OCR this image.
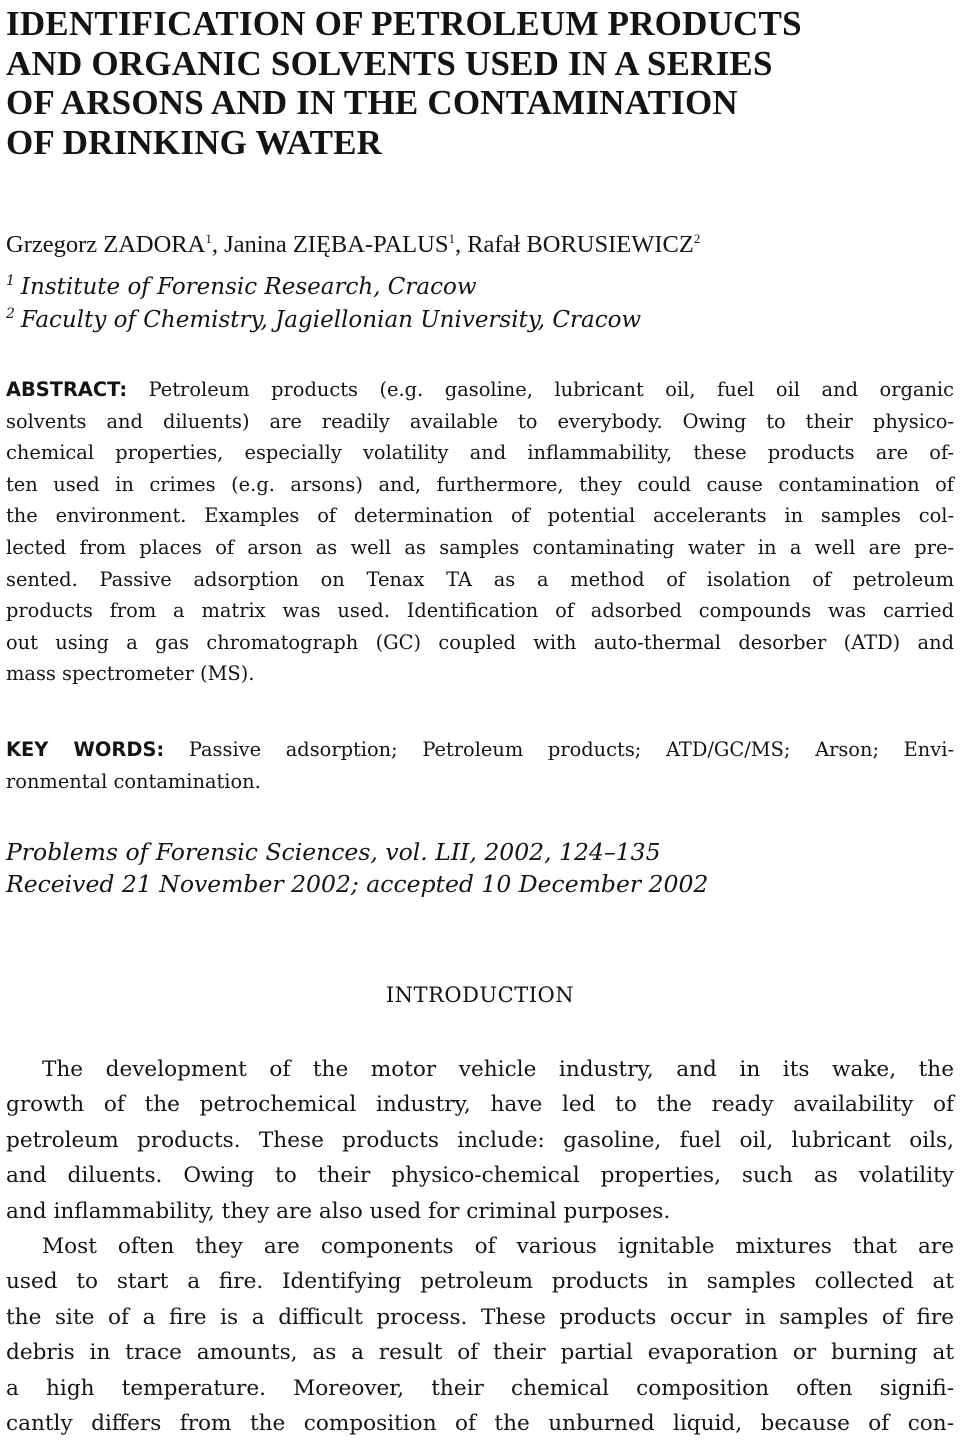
IDENTIFICATION OF PETROLEUM PRODUCTS
AND ORGANIC SOLVENTS USED IN A SERIES
OF ARSONS AND IN THE CONTAMINATION
OF DRINKING WATER
Grzegorz ZADORA$^1$, Janina ZIĘBA-PALUS$^1$, Rafał BORUSIEWICZ$^2$
$^1$ Institute of Forensic Research, Cracow
$^2$ Faculty of Chemistry, Jagiellonian University, Cracow
ABSTRACT: Petroleum products (e.g. gasoline, lubricant oil, fuel oil and organic
solvents and diluents) are readily available to everybody. Owing to their physico-
chemical properties, especially volatility and inflammability, these products are of-
ten used in crimes (e.g. arsons) and, furthermore, they could cause contamination of
the environment. Examples of determination of potential accelerants in samples col-
lected from places of arson as well as samples contaminating water in a well are pre-
sented. Passive adsorption on Tenax TA as a method of isolation of petroleum
products from a matrix was used. Identification of adsorbed compounds was carried
out using a gas chromatograph (GC) coupled with auto-thermal desorber (ATD) and
mass spectrometer (MS).
KEY WORDS: Passive adsorption; Petroleum products; ATD/GC/MS; Arson; Envi-
ronmental contamination.
Problems of Forensic Sciences, vol. LII, 2002, 124–135
Received 21 November 2002; accepted 10 December 2002
INTRODUCTION
The development of the motor vehicle industry, and in its wake, the
growth of the petrochemical industry, have led to the ready availability of
petroleum products. These products include: gasoline, fuel oil, lubricant oils,
and diluents. Owing to their physico-chemical properties, such as volatility
and inflammability, they are also used for criminal purposes.
Most often they are components of various ignitable mixtures that are
used to start a fire. Identifying petroleum products in samples collected at
the site of a fire is a difficult process. These products occur in samples of fire
debris in trace amounts, as a result of their partial evaporation or burning at
a high temperature. Moreover, their chemical composition often signifi-
cantly differs from the composition of the unburned liquid, because of con-
